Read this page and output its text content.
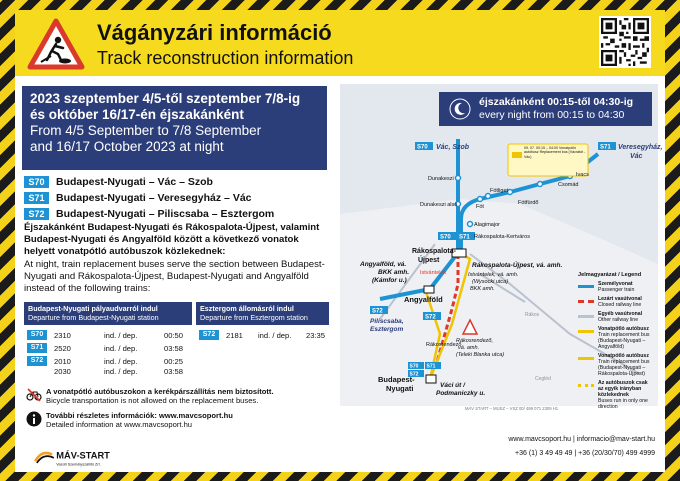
Vágányzári információ
Track reconstruction information
2023 szeptember 4/5-től szeptember 7/8-ig
és október 16/17-én éjszakánként
From 4/5 September to 7/8 September
and 16/17 October 2023 at night
S70	Budapest-Nyugati – Vác – Szob
S71	Budapest-Nyugati – Veresegyház – Vác
S72	Budapest-Nyugati – Piliscsaba – Esztergom
Éjszakánként Budapest-Nyugati és Rákospalota-Újpest, valamint Budapest-Nyugati és Angyalföld között a következő vonatok helyett vonatpótló autóbuszok közlekednek:
At night, train replacement buses serve the section between Budapest-Nyugati and Rákospalota-Újpest, Budapest-Nyugati and Angyalföld instead of the following trains:
Budapest-Nyugati pályaudvarról indul
Departure from Budapest-Nyugati station
S70	2310	ind. / dep.	00:50
S71	2520	ind. / dep.	03:58
S72	2010	ind. / dep.	00:25
2030	ind. / dep.	03:58
Esztergom állomásról indul
Departure from Esztergom station
S72	2181 ind. / dep. 23:35
A vonatpótló autóbuszokon a kerékpárszállítás nem biztosított.
Bicycle transportation is not allowed on the replacement buses.
További részletes információk: www.mavcsoport.hu
Detailed information at www.mavcsoport.hu
MÁV-START
Vasúti Személyszállító Zrt.
09. 07. 00:15 – 04:00 Vonatpótló autóbusz Replacement bus (Vácrátót - Vác)
S70 Vác, Szob	S71 Veresegyház,
Vác
S70 S71
S72
Piliscsaba,
Esztergom
S72
S70 S71
S72
Dunakeszi
Dunakeszi alsó
Ivacs
Csomád
Fótliget
Fót
Fótfürdő
Alagimajor
Rákospalota-Kertváros
Rákospalota-Újpest, vá. amh.
Rákospalota-
Újpest
Angyalföld, vá.
BKK amh.
(Kámfor u.)
Istvántelek	Istvántelek, vá. amh.
(Wysocki utca)
BKK amh.
Angyalföld
Rákosrendező
Rákosrendező,
vá. amh.
(Teleki Blanka utca)
Budapest-
Nyugati	Váci út /
Podmaniczky u.
Rákos
Cegléd
éjszakánként 00:15-től 04:30-ig
every night from 00:15 to 04:30
Jelmagyarázat / Legend
Személyvonat
Passenger train
Lezárt vasútvonal
Closed railway line
Egyéb vasútvonal
Other railway line
Vonatpótló autóbusz
Train replacement bus (Budapest-Nyugati – Angyalföld)
Vonatpótló autóbusz
Train replacement bus (Budapest-Nyugati – Rákospalota-Újpest)
Az autóbuszok csak az egyik irányban közlekednek
Buses run in only one direction
MÁV START – MUSZ – VSZ 00/ 499 071 2309 H1
www.mavcsoport.hu | informacio@mav-start.hu
+36 (1) 3 49 49 49 | +36 (20/30/70) 499 4999
